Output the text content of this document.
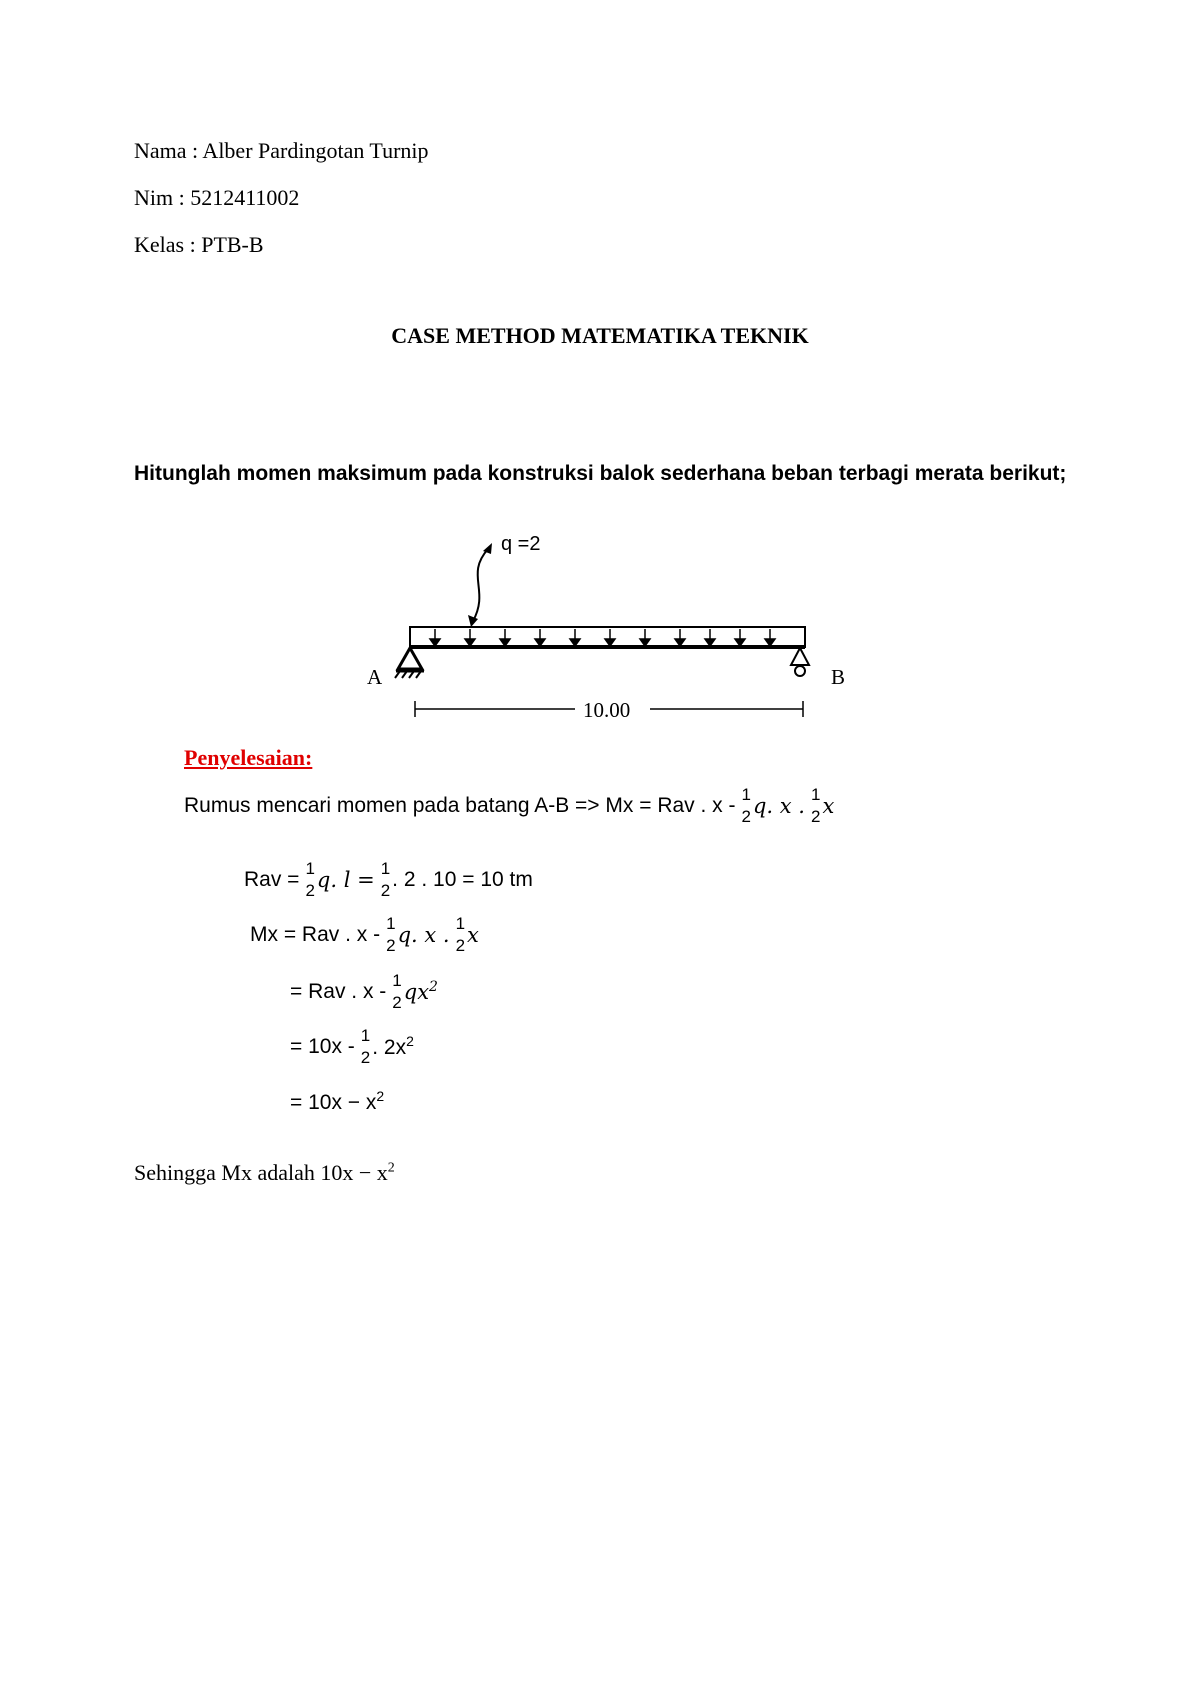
Nama : Alber Pardingotan Turnip
Nim : 5212411002
Kelas : PTB-B
CASE METHOD MATEMATIKA TEKNIK
Hitunglah momen maksimum pada konstruksi balok sederhana beban terbagi merata berikut;
q =2
A	B
10.00
Penyelesaian:
Rumus mencari momen pada batang A-B => Mx = Rav . x - 1
2 q. x . 1
2 x
Rav = 1
2 q. l = 1
2 . 2 . 10 = 10 tm
Mx = Rav . x - 1
2 q. x . 1
2 x
= Rav . x - 1
2 $qx^2$
= 10x - 1
2 . $2x^2$
= $10x - x^2$
Sehingga Mx adalah $10x - x^2$
